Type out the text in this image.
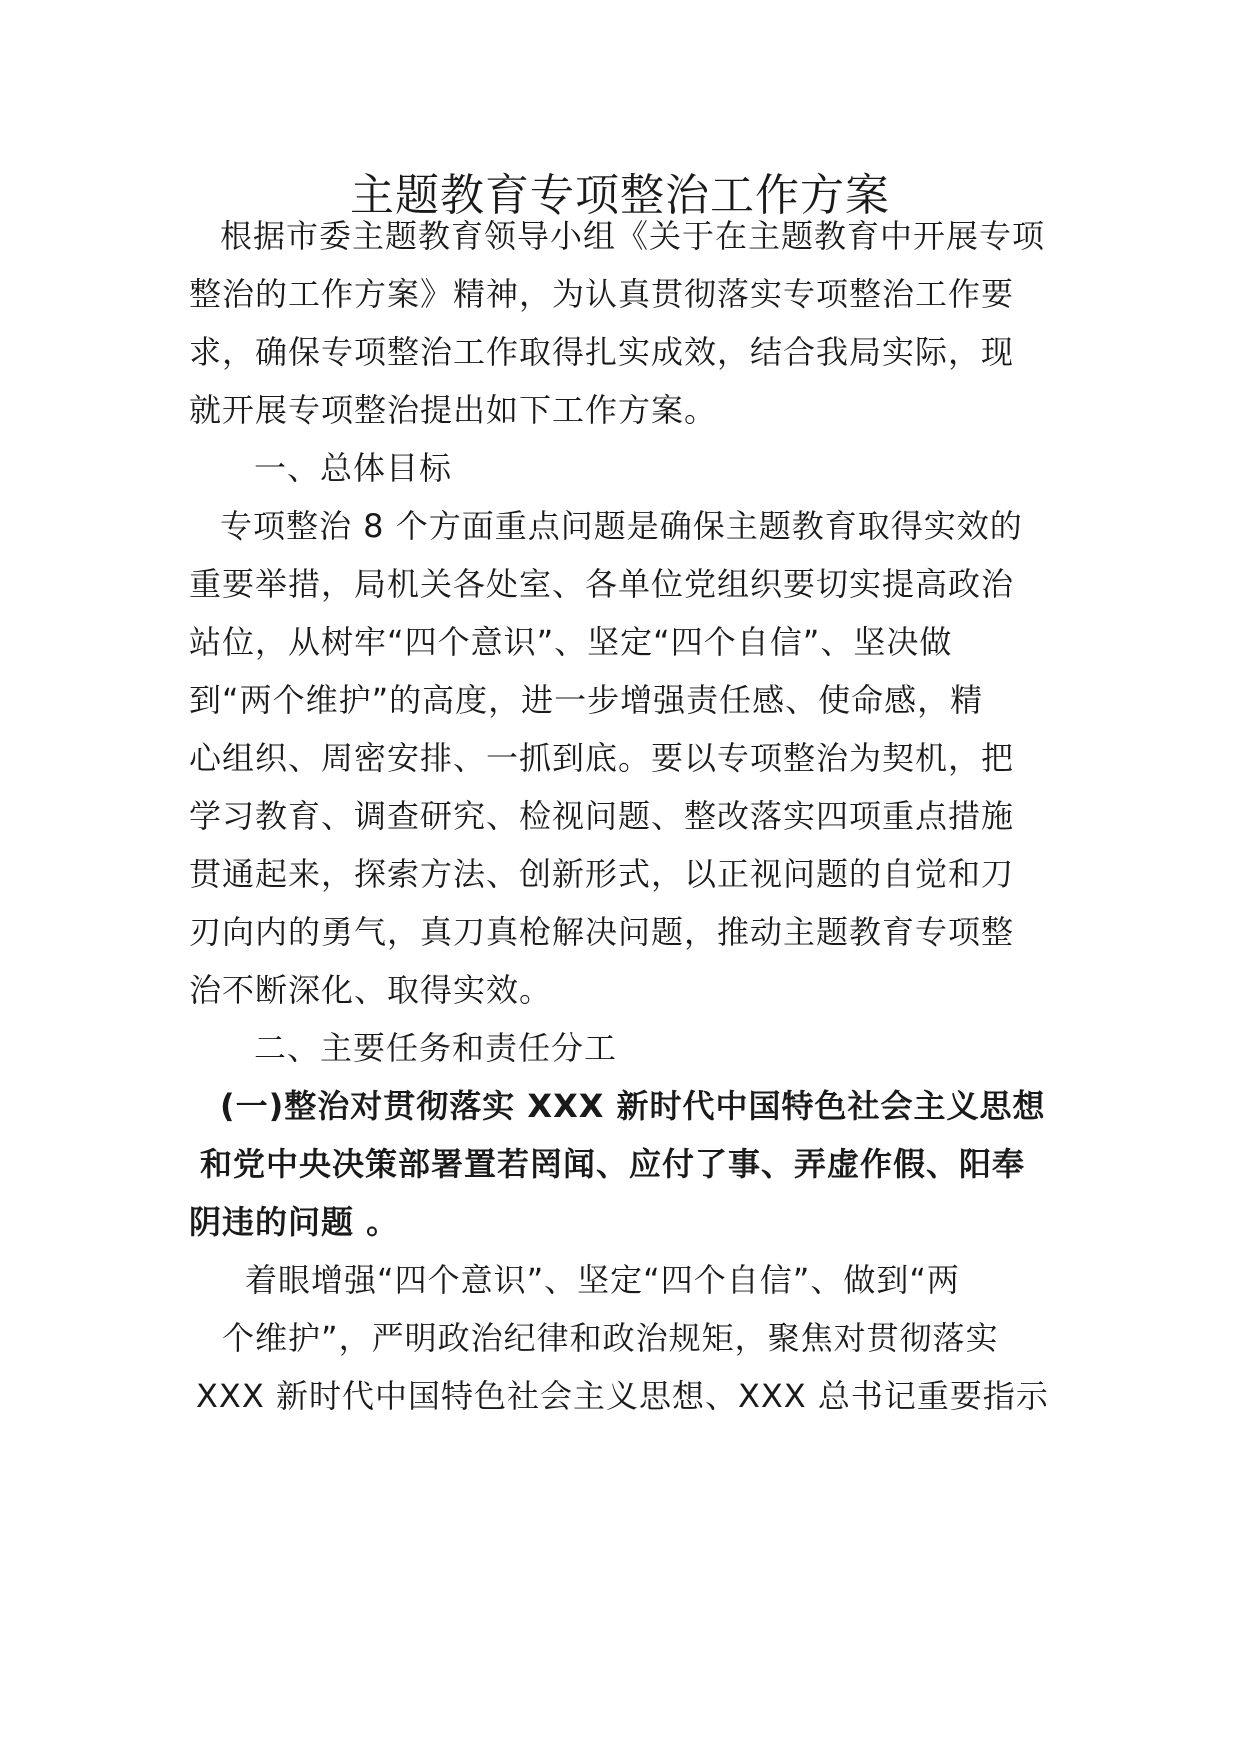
主题教育专项整治工作方案
根据市委主题教育领导小组《关于在主题教育中开展专项
整治的工作方案》精神，为认真贯彻落实专项整治工作要
求，确保专项整治工作取得扎实成效，结合我局实际，现
就开展专项整治提出如下工作方案。
一、总体目标
专项整治 8 个方面重点问题是确保主题教育取得实效的
重要举措，局机关各处室、各单位党组织要切实提高政治
站位，从树牢“四个意识”、坚定“四个自信”、坚决做
到“两个维护”的高度，进一步增强责任感、使命感，精
心组织、周密安排、一抓到底。要以专项整治为契机，把
学习教育、调查研究、检视问题、整改落实四项重点措施
贯通起来，探索方法、创新形式，以正视问题的自觉和刀
刃向内的勇气，真刀真枪解决问题，推动主题教育专项整
治不断深化、取得实效。
二、主要任务和责任分工
(一)整治对贯彻落实 XXX 新时代中国特色社会主义思想
和党中央决策部署置若罔闻、应付了事、弄虚作假、阳奉
阴违的问题 。
着眼增强“四个意识”、坚定“四个自信”、做到“两
个维护”，严明政治纪律和政治规矩，聚焦对贯彻落实
XXX 新时代中国特色社会主义思想、XXX 总书记重要指示
